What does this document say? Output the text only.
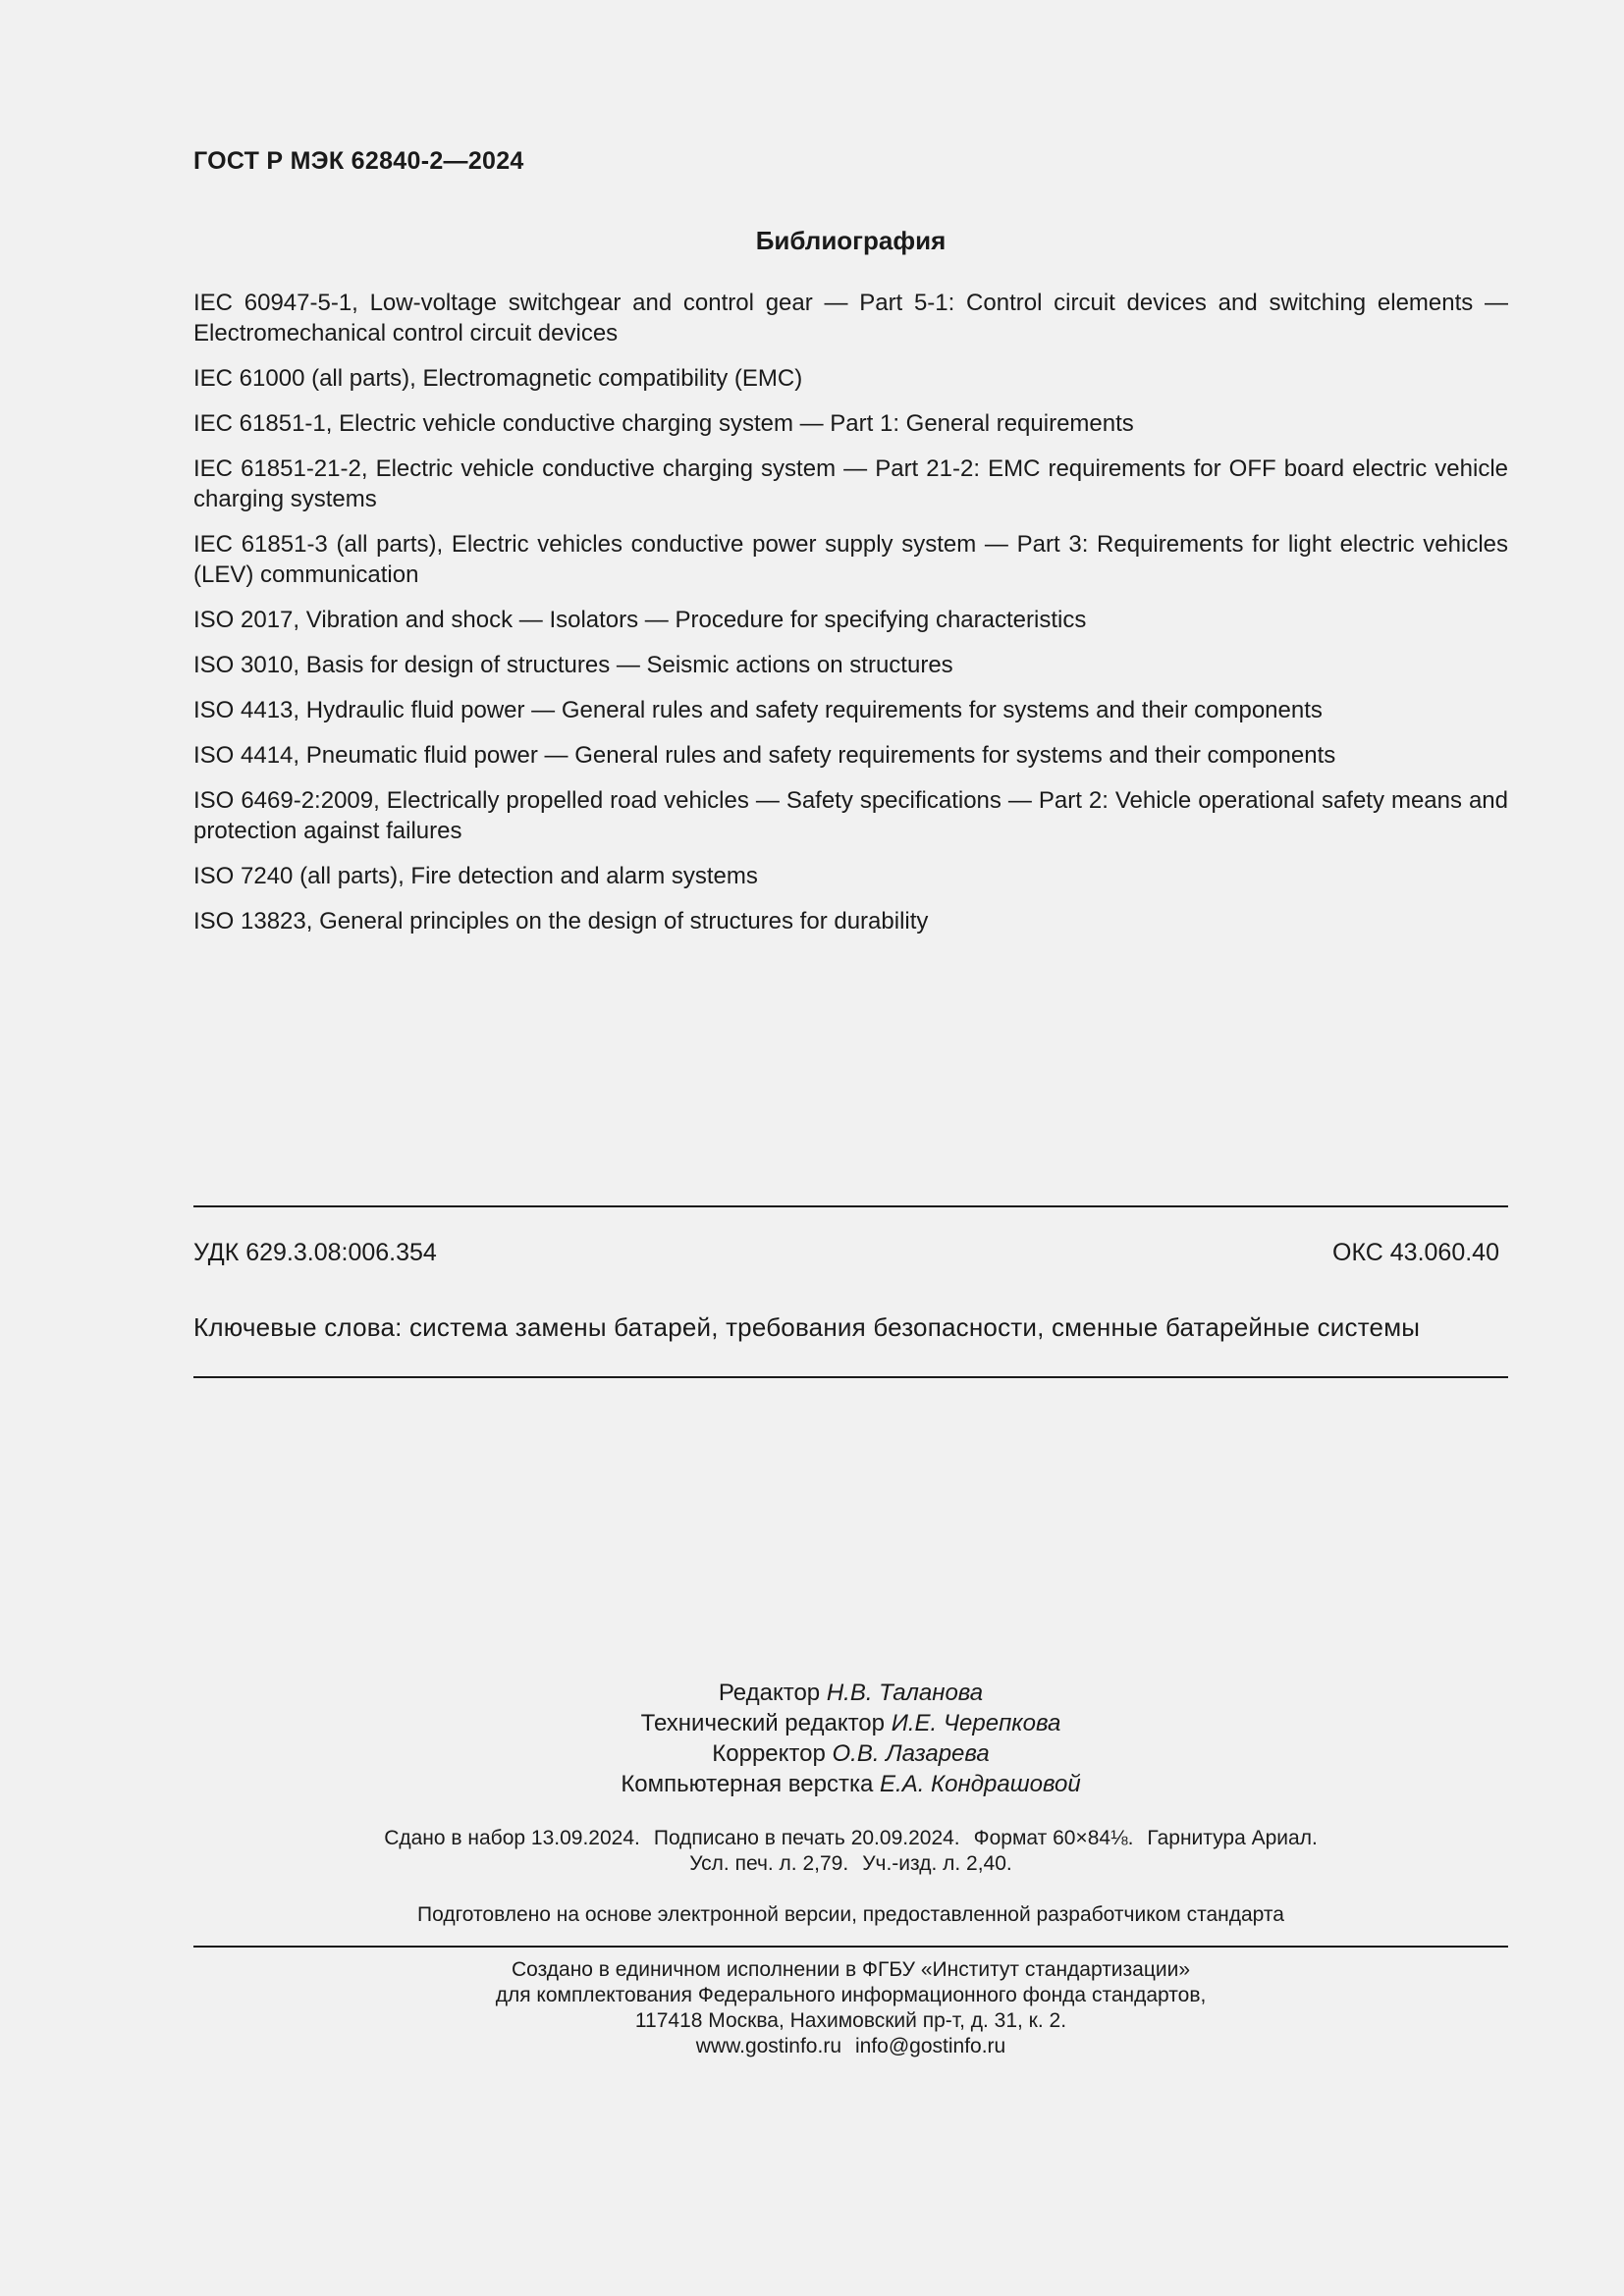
ГОСТ Р МЭК 62840-2—2024
Библиография
IEC 60947-5-1, Low-voltage switchgear and control gear — Part 5-1: Control circuit devices and switching elements — Electromechanical control circuit devices
IEC 61000 (all parts), Electromagnetic compatibility (EMC)
IEC 61851-1, Electric vehicle conductive charging system — Part 1: General requirements
IEC 61851-21-2, Electric vehicle conductive charging system — Part 21-2: EMC requirements for OFF board electric vehicle charging systems
IEC 61851-3 (all parts), Electric vehicles conductive power supply system — Part 3: Requirements for light electric vehicles (LEV) communication
ISO 2017, Vibration and shock — Isolators — Procedure for specifying characteristics
ISO 3010, Basis for design of structures — Seismic actions on structures
ISO 4413, Hydraulic fluid power — General rules and safety requirements for systems and their components
ISO 4414, Pneumatic fluid power — General rules and safety requirements for systems and their components
ISO 6469-2:2009, Electrically propelled road vehicles — Safety specifications — Part 2: Vehicle operational safety means and protection against failures
ISO 7240 (all parts), Fire detection and alarm systems
ISO 13823, General principles on the design of structures for durability
УДК 629.3.08:006.354	ОКС 43.060.40
Ключевые слова: система замены батарей, требования безопасности, сменные батарейные системы
Редактор Н.В. Таланова
Технический редактор И.Е. Черепкова
Корректор О.В. Лазарева
Компьютерная верстка Е.А. Кондрашовой
Сдано в набор 13.09.2024. Подписано в печать 20.09.2024. Формат 60×84⅛. Гарнитура Ариал.
Усл. печ. л. 2,79. Уч.-изд. л. 2,40.
Подготовлено на основе электронной версии, предоставленной разработчиком стандарта
Создано в единичном исполнении в ФГБУ «Институт стандартизации»
для комплектования Федерального информационного фонда стандартов,
117418 Москва, Нахимовский пр-т, д. 31, к. 2.
www.gostinfo.ru info@gostinfo.ru
